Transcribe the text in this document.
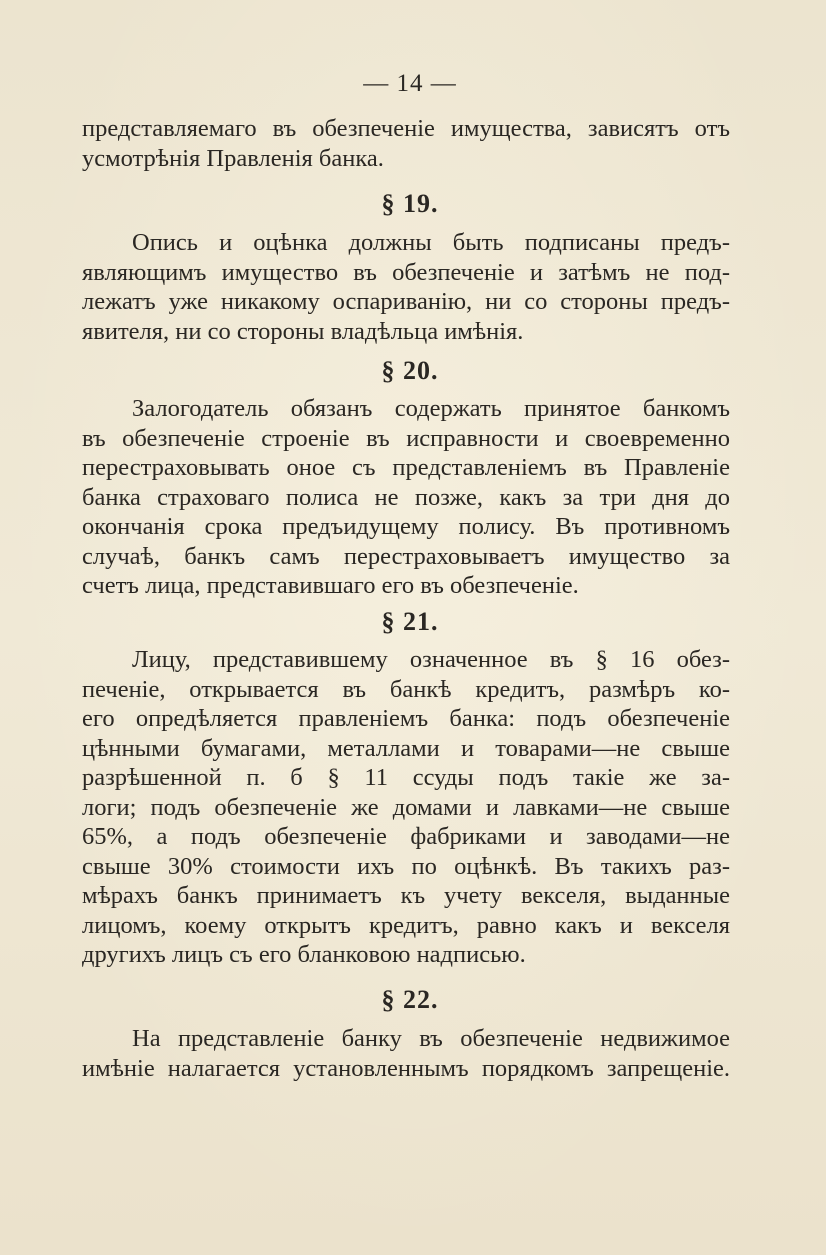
— 14 —
представляемаго въ обезпеченіе имущества, зависятъ отъ
усмотрѣнія Правленія банка.
§ 19.
Опись и оцѣнка должны быть подписаны предъ-
являющимъ имущество въ обезпеченіе и затѣмъ не под-
лежатъ уже никакому оспариванію, ни со стороны предъ-
явителя, ни со стороны владѣльца имѣнія.
§ 20.
Залогодатель обязанъ содержать принятое банкомъ
въ обезпеченіе строеніе въ исправности и своевременно
перестраховывать оное съ представленіемъ въ Правленіе
банка страховаго полиса не позже, какъ за три дня до
окончанія срока предъидущему полису. Въ противномъ
случаѣ, банкъ самъ перестраховываетъ имущество за
счетъ лица, представившаго его въ обезпеченіе.
§ 21.
Лицу, представившему означенное въ § 16 обез-
печеніе, открывается въ банкѣ кредитъ, размѣръ ко-
его опредѣляется правленіемъ банка: подъ обезпеченіе
цѣнными бумагами, металлами и товарами—не свыше
разрѣшенной п. б § 11 ссуды подъ такіе же за-
логи; подъ обезпеченіе же домами и лавками—не свыше
65%, а подъ обезпеченіе фабриками и заводами—не
свыше 30% стоимости ихъ по оцѣнкѣ. Въ такихъ раз-
мѣрахъ банкъ принимаетъ къ учету векселя, выданные
лицомъ, коему открытъ кредитъ, равно какъ и векселя
другихъ лицъ съ его бланковою надписью.
§ 22.
На представленіе банку въ обезпеченіе недвижимое
имѣніе налагается установленнымъ порядкомъ запрещеніе.
